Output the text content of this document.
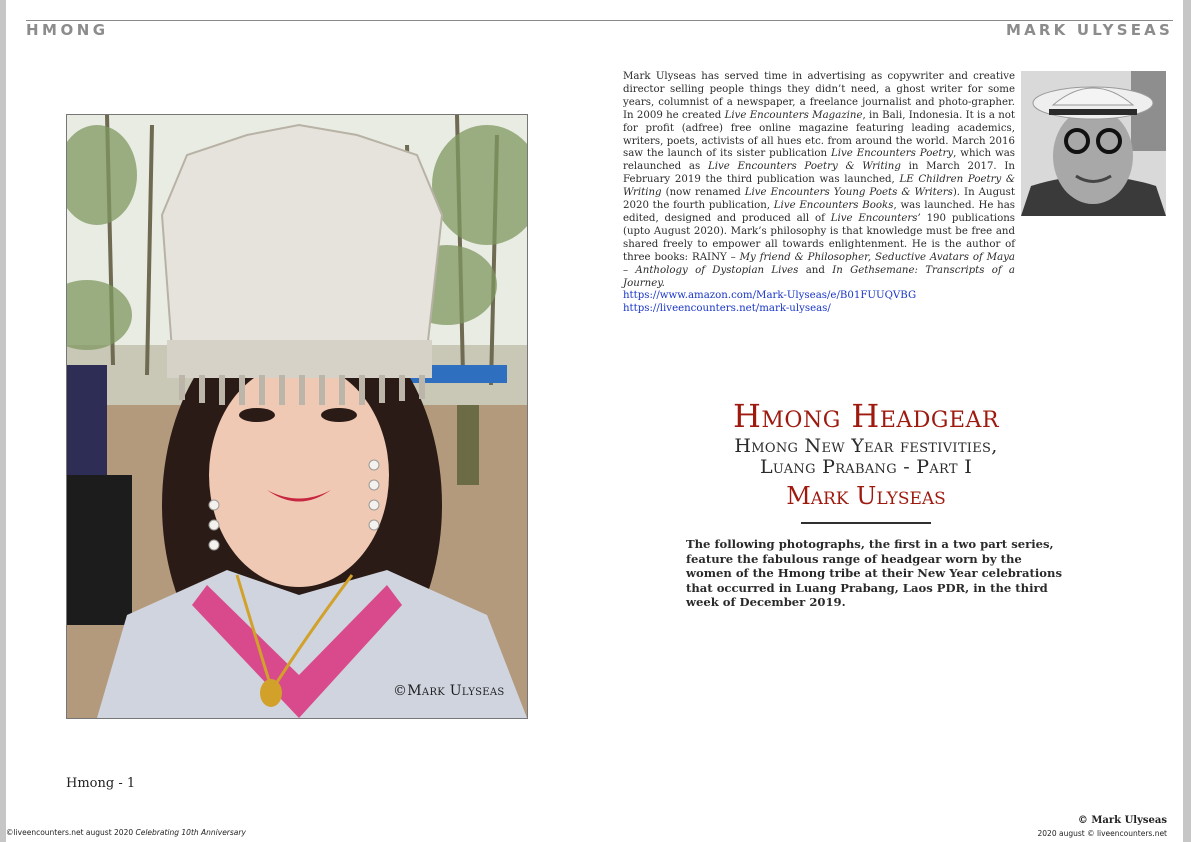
HMONG	MARK ULYSEAS
©Mark Ulyseas
Mark Ulyseas has served time in advertising as copywriter and creative director selling people things they didn’t need, a ghost writer for some years, columnist of a newspaper, a freelance journalist and photo-grapher. In 2009 he created Live Encounters Magazine, in Bali, Indonesia. It is a not for profit (adfree) free online magazine featuring leading academics, writers, poets, activists of all hues etc. from around the world. March 2016 saw the launch of its sister publication Live Encounters Poetry, which was relaunched as Live Encounters Poetry & Writing in March 2017. In February 2019 the third publication was launched, LE Children Poetry & Writing (now renamed Live Encounters Young Poets & Writers). In August 2020 the fourth publication, Live Encounters Books, was launched. He has edited, designed and produced all of Live Encounters’ 190 publications (upto August 2020). Mark’s philosophy is that knowledge must be free and shared freely to empower all towards enlightenment. He is the author of three books: RAINY – My friend & Philosopher, Seductive Avatars of Maya – Anthology of Dystopian Lives and In Gethsemane: Transcripts of a Journey.
https://www.amazon.com/Mark-Ulyseas/e/B01FUUQVBG
https://liveencounters.net/mark-ulyseas/
Hmong Headgear
Hmong New Year festivities,
Luang Prabang - Part I
Mark Ulyseas
The following photographs, the first in a two part series, feature the fabulous range of headgear worn by the women of the Hmong tribe at their New Year celebrations that occurred in Luang Prabang, Laos PDR, in the third week of December 2019.
Hmong - 1
©liveencounters.net august 2020 Celebrating 10th Anniversary
© Mark Ulyseas
2020 august © liveencounters.net
